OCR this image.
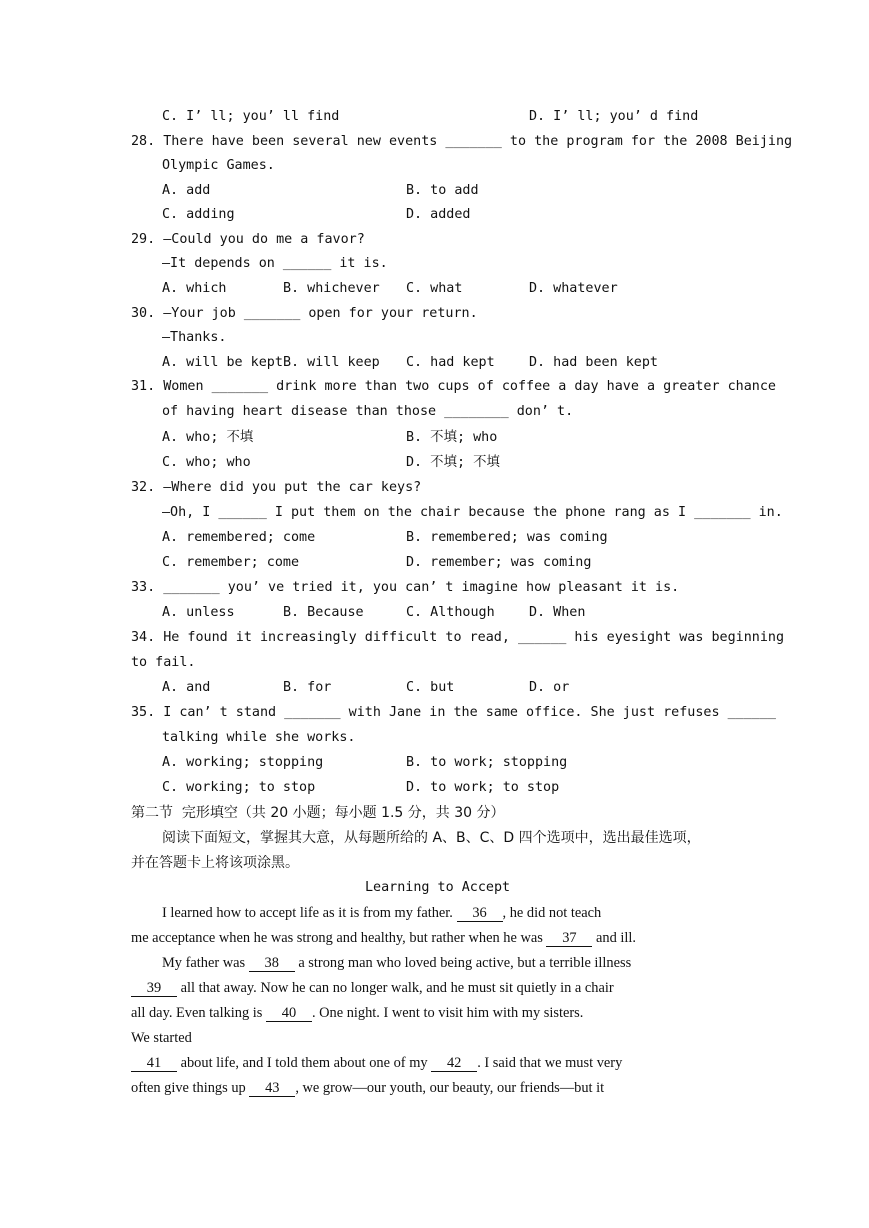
C. I’ ll; you’ ll find	D. I’ ll; you’ d find
28. There have been several new events _______ to the program for the 2008 Beijing
Olympic Games.
A. add	B. to add
C. adding	D. added
29. —Could you do me a favor?
—It depends on ______ it is.
A. which	B. whichever C. what	D. whatever
30. —Your job _______ open for your return.
—Thanks.
A. will be kept B. will keep C. had kept	D. had been kept
31. Women _______ drink more than two cups of coffee a day have a greater chance
of having heart disease than those ________ don’ t.
A. who; 不填	B. 不填; who
C. who; who	D. 不填; 不填
32. —Where did you put the car keys?
—Oh, I ______ I put them on the chair because the phone rang as I _______ in.
A. remembered; come	B. remembered; was coming
C. remember; come	D. remember; was coming
33. _______ you’ ve tried it, you can’ t imagine how pleasant it is.
A. unless	B. Because	C. Although	D. When
34. He found it increasingly difficult to read, ______ his eyesight was beginning
to fail.
A. and	B. for	C. but	D. or
35. I can’ t stand _______ with Jane in the same office. She just refuses ______
talking while she works.
A. working; stopping	B. to work; stopping
C. working; to stop	D. to work; to stop
第二节  完形填空（共 20 小题；每小题 1.5 分，共 30 分）
阅读下面短文，掌握其大意，从每题所给的 A、B、C、D 四个选项中，选出最佳选项，
并在答题卡上将该项涂黑。
Learning to Accept
I learned how to accept life as it is from my father. 36 , he did not teach
me acceptance when he was strong and healthy, but rather when he was 37 and ill.
My father was 38 a strong man who loved being active, but a terrible illness
39 all that away. Now he can no longer walk, and he must sit quietly in a chair
all day. Even talking is 40 . One night. I went to visit him with my sisters.
We started
41 about life, and I told them about one of my 42 . I said that we must very
often give things up 43 , we grow—our youth, our beauty, our friends—but it
